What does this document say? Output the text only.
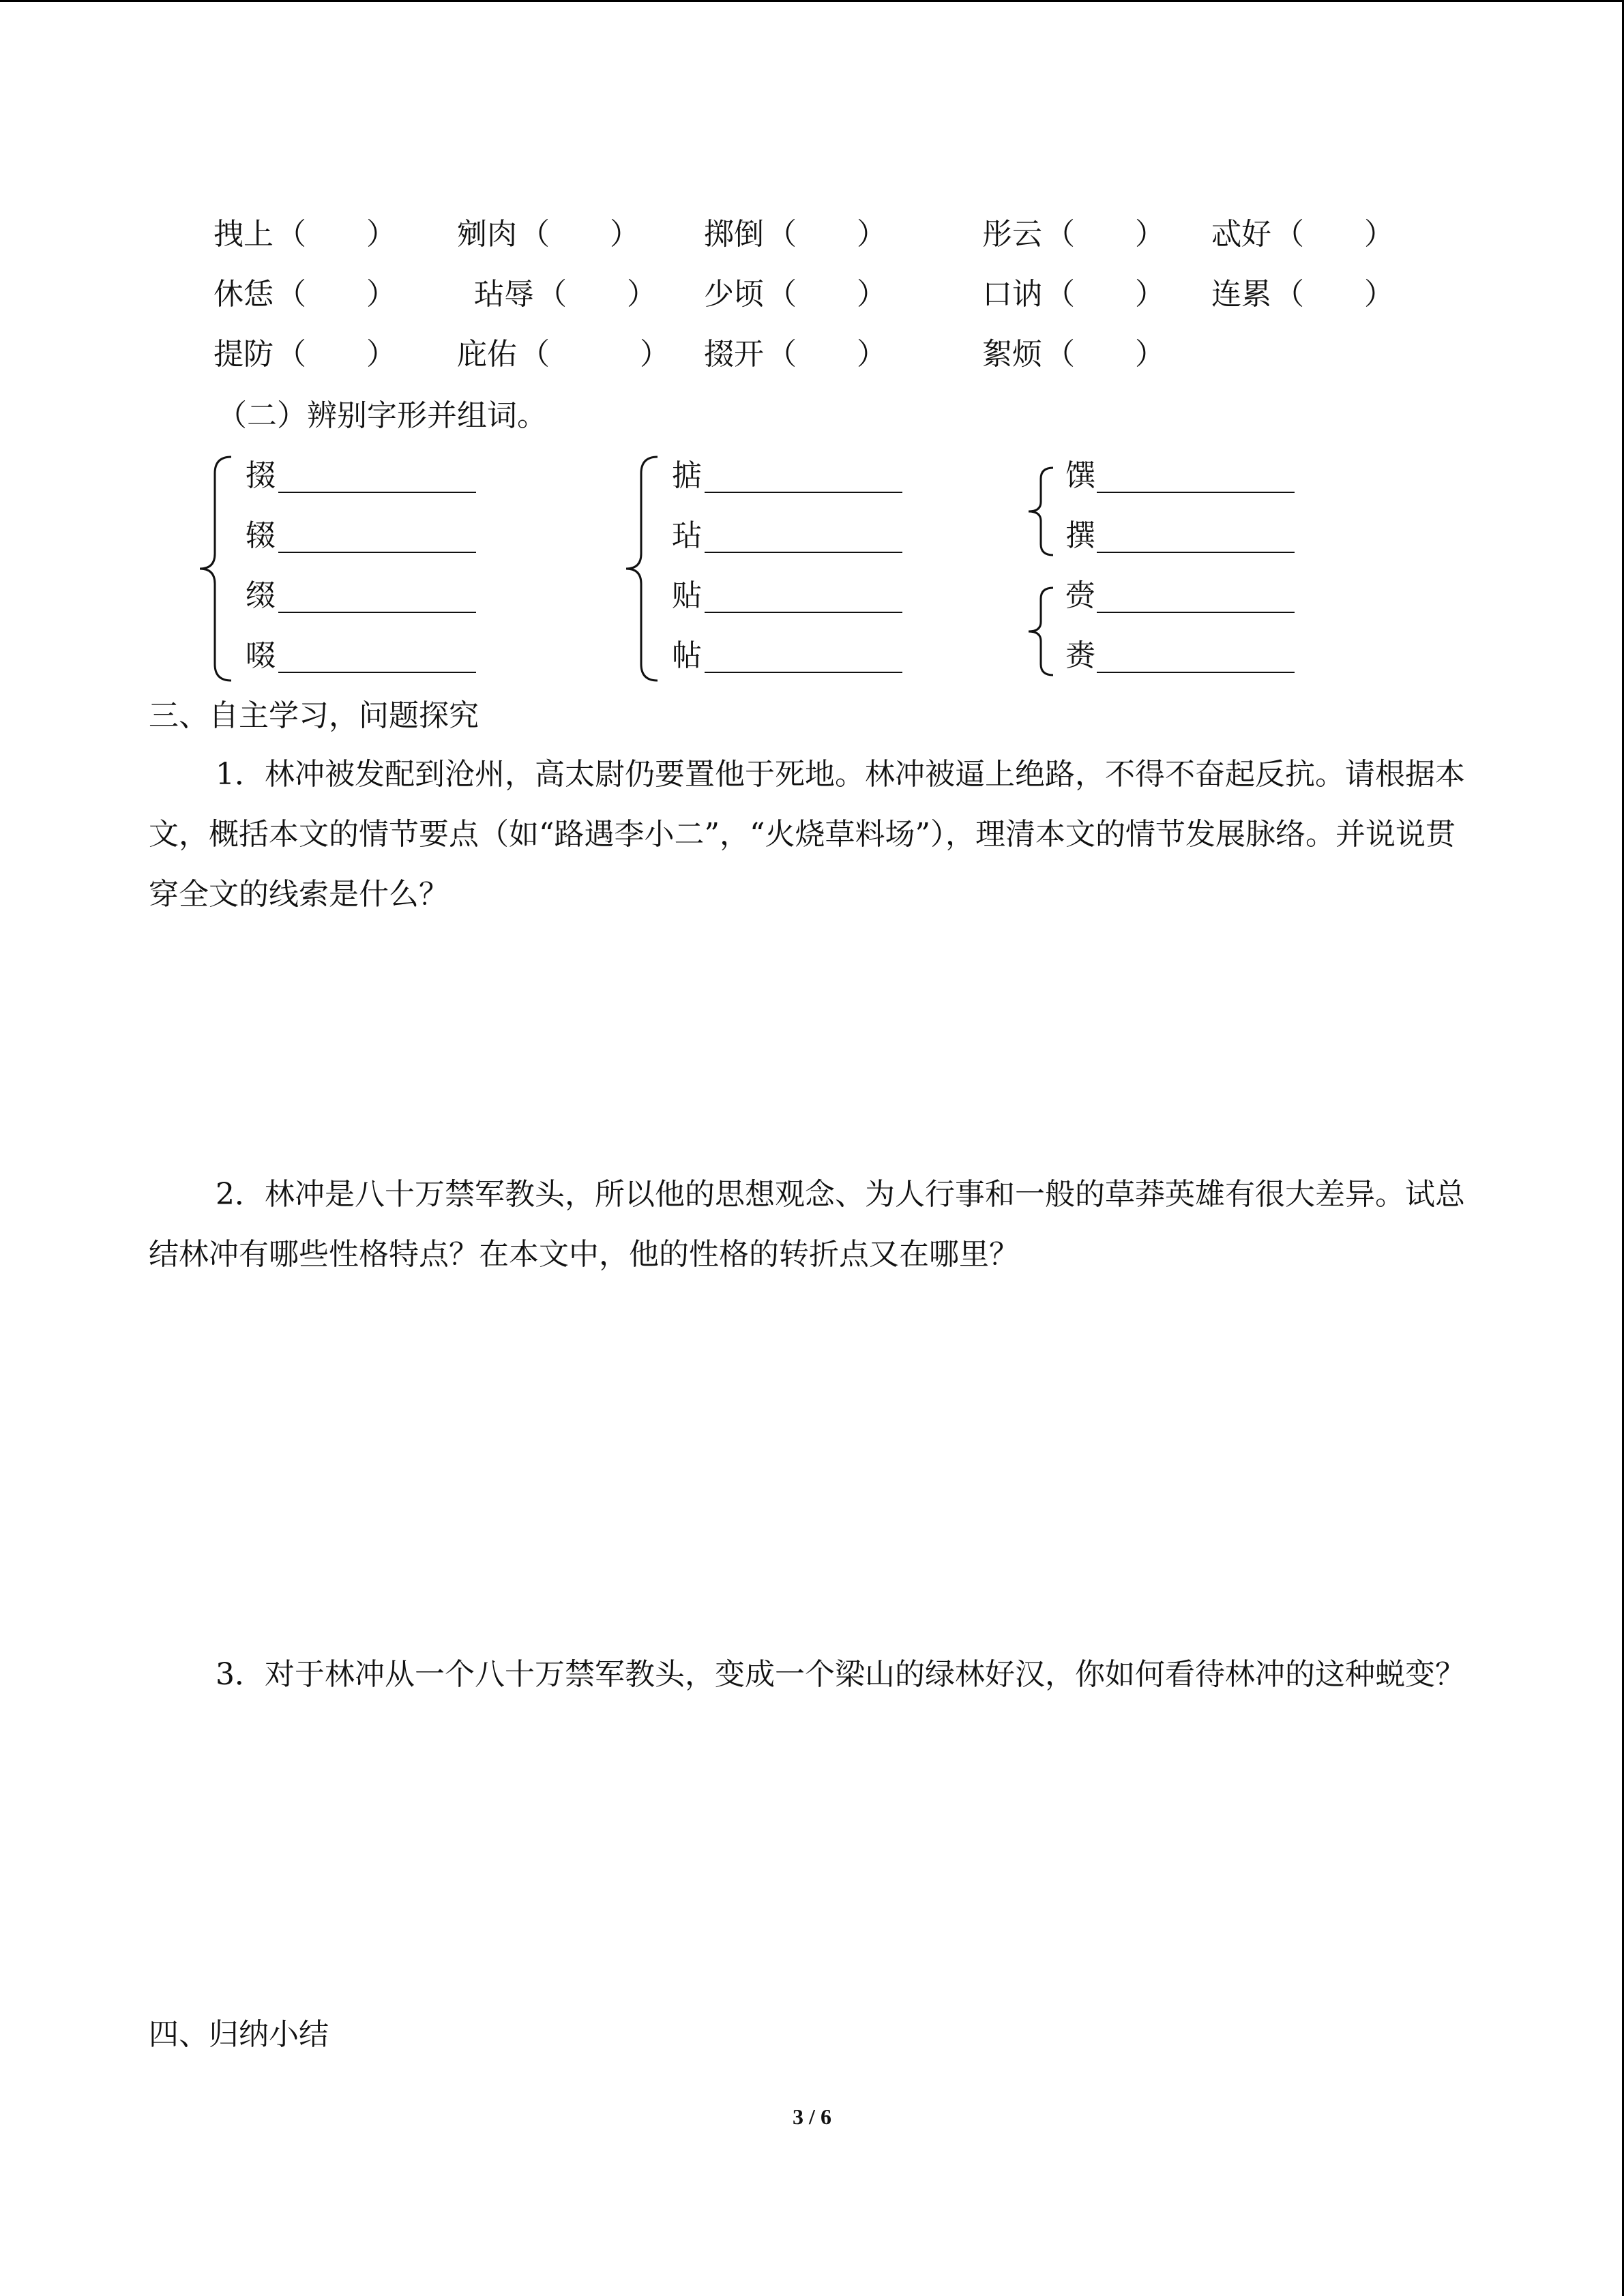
拽上 （　　） 剜肉 （　　） 掷倒 （　　）	彤云 （　　） 忒好 （　　）
休恁 （　　）	玷辱 （　　） 少顷 （　　）	口讷 （　　） 连累 （　　）
提防 （　　） 庇佑 （　　　） 掇开 （　　）	絮烦 （　　）
（二）辨别字形并组词。
掇
辍
缀
啜
掂
玷
贴
帖
馔
撰
赍
赉
三、自主学习，问题探究

1．林冲被发配到沧州，高太尉仍要置他于死地。林冲被逼上绝路，不得不奋起反抗。请根据本文，概括本文的情节要点（如“路遇李小二”，“火烧草料场”），理清本文的情节发展脉络。并说说贯穿全文的线索是什么？

2．林冲是八十万禁军教头，所以他的思想观念、为人行事和一般的草莽英雄有很大差异。试总结林冲有哪些性格特点？在本文中，他的性格的转折点又在哪里？

3．对于林冲从一个八十万禁军教头，变成一个梁山的绿林好汉，你如何看待林冲的这种蜕变？

四、归纳小结
3 / 6
